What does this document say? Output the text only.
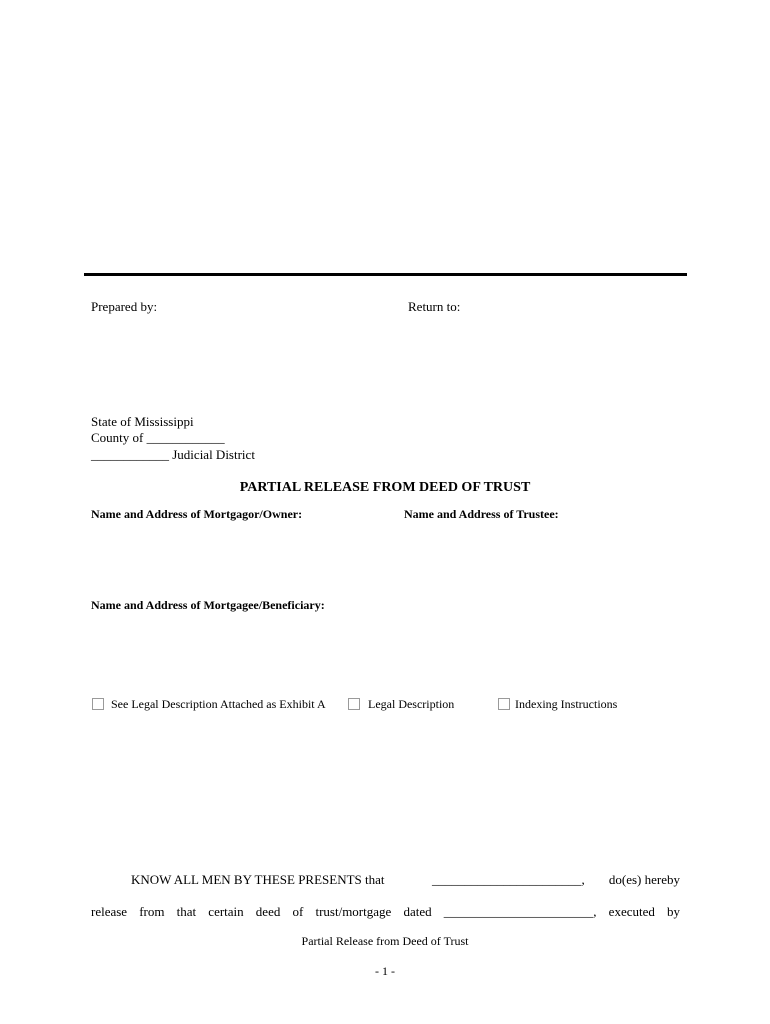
Prepared by:	Return to:
State of Mississippi
County of ____________
____________ Judicial District
PARTIAL RELEASE FROM DEED OF TRUST
Name and Address of Mortgagor/Owner:	Name and Address of Trustee:
Name and Address of Mortgagee/Beneficiary:
See Legal Description Attached as Exhibit A	Legal Description	Indexing Instructions
KNOW ALL MEN BY THESE PRESENTS that	_______________________,	do(es) hereby
release from that certain deed of trust/mortgage dated _______________________, executed by
Partial Release from Deed of Trust
- 1 -
